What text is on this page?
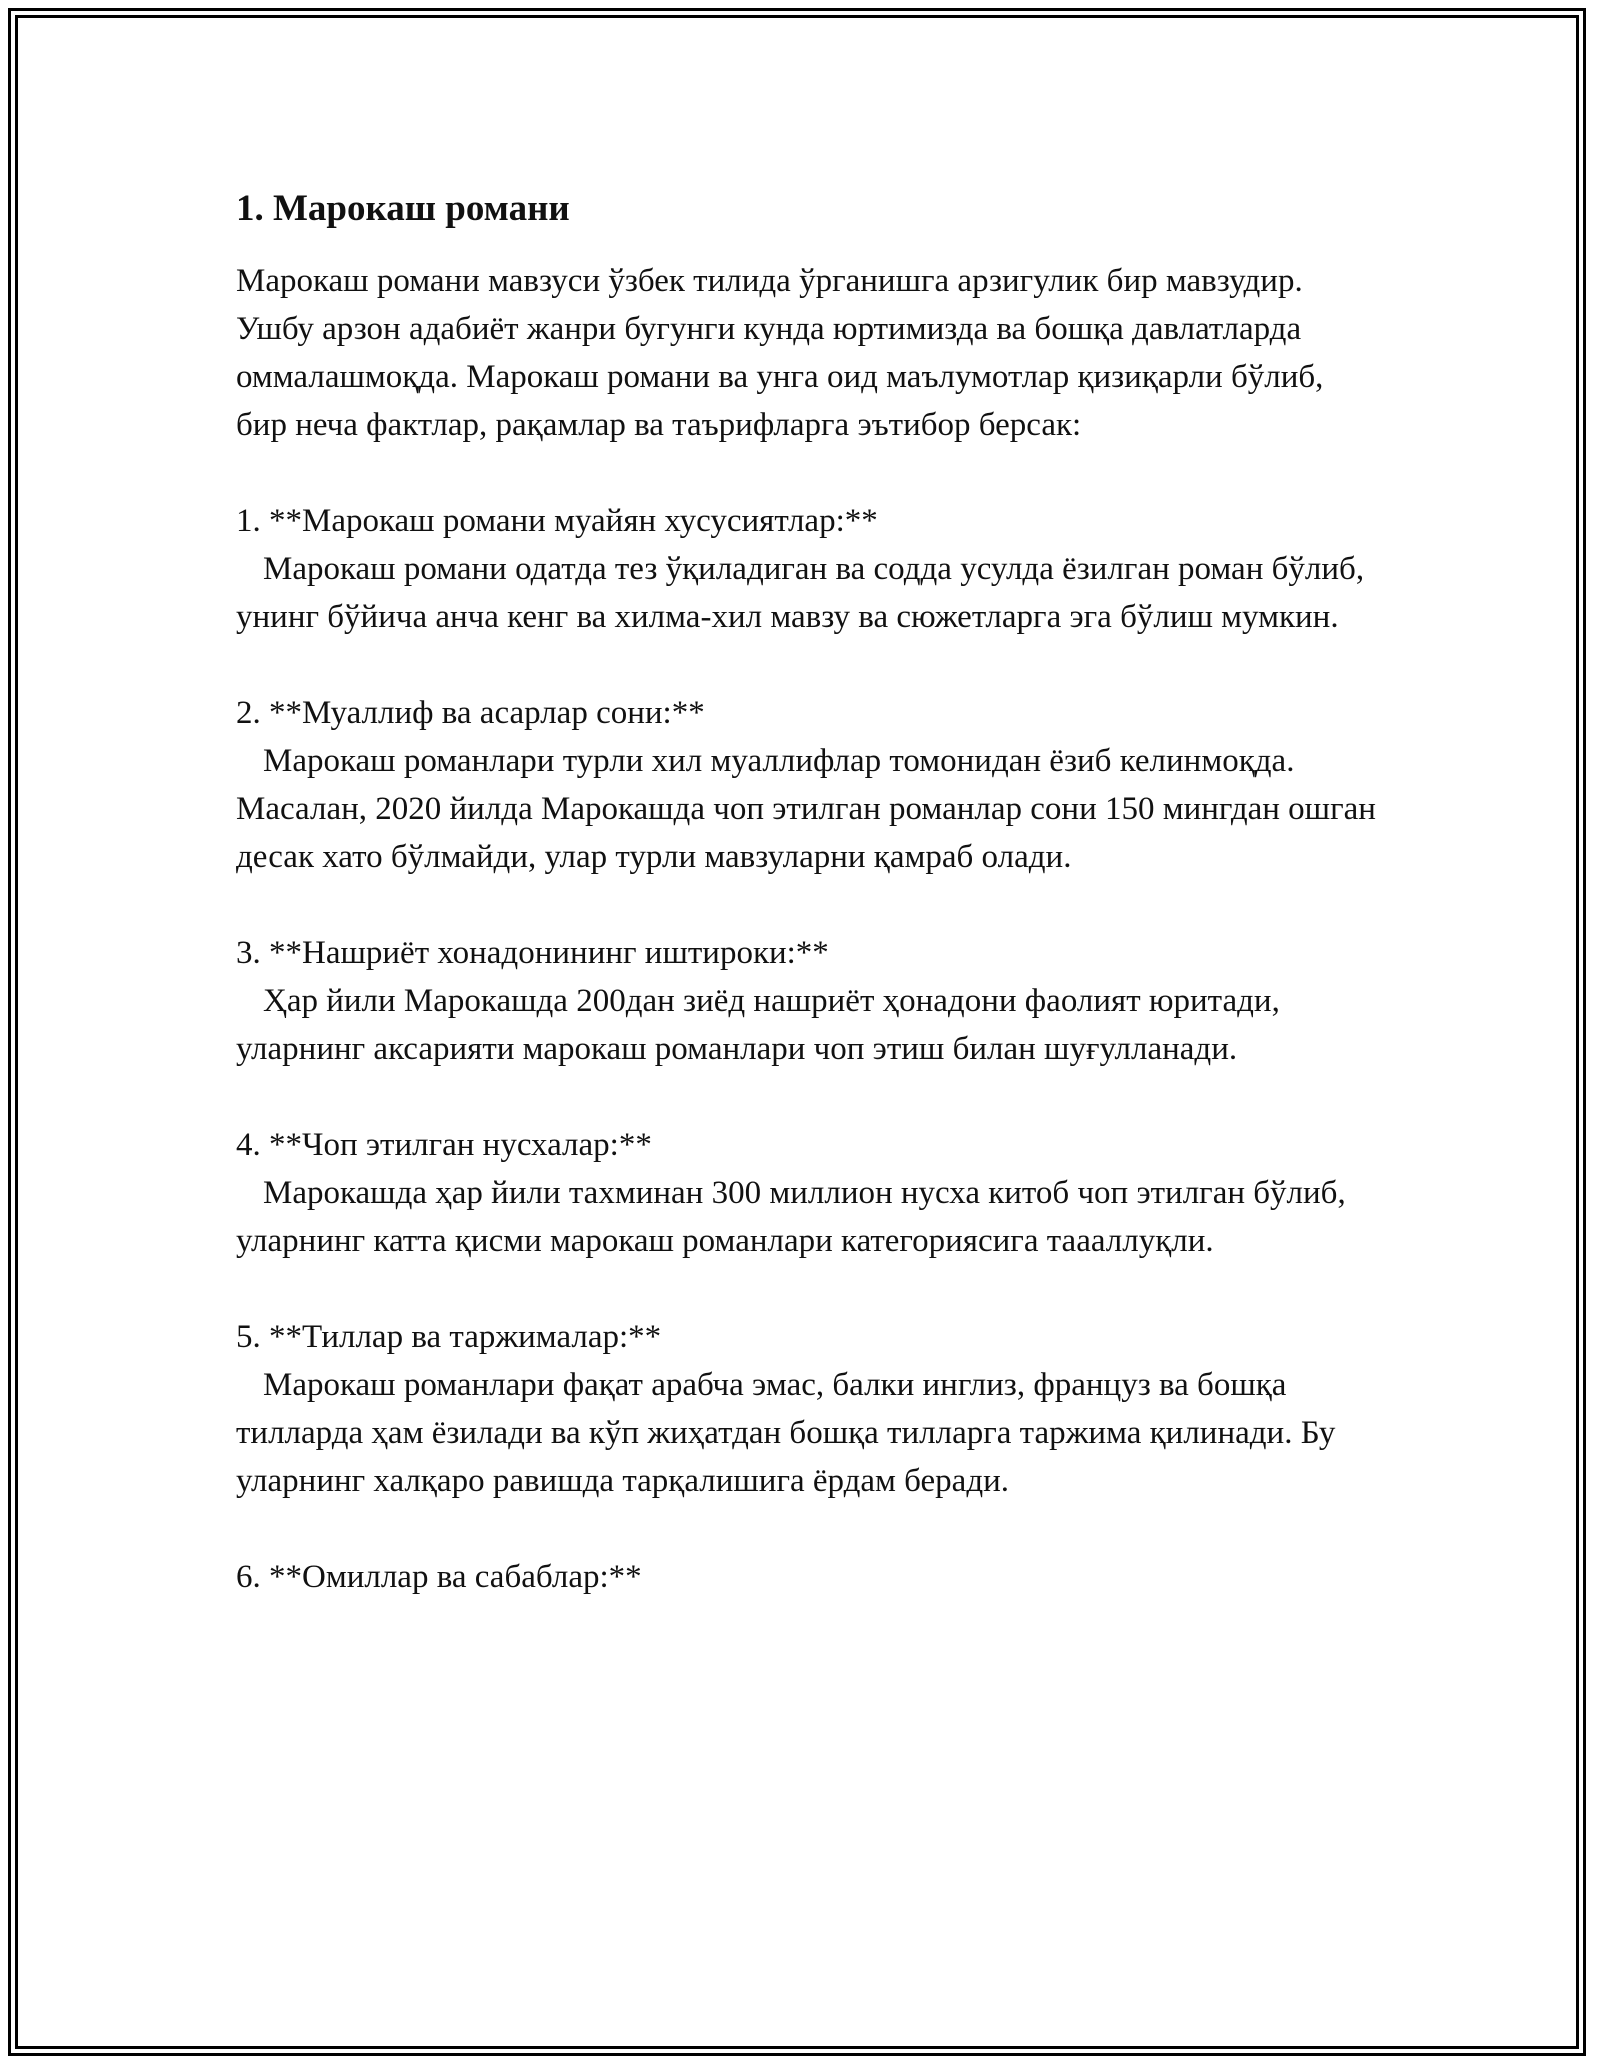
1. Марокаш романи

Марокаш романи мавзуси ўзбек тилида ўрганишга арзигулик бир мавзудир. Ушбу арзон адабиёт жанри бугунги кунда юртимизда ва бошқа давлатларда оммалашмоқда. Марокаш романи ва унга оид маълумотлар қизиқарли бўлиб, бир неча фактлар, рақамлар ва таърифларга эътибор берсак:

1. **Марокаш романи муайян хусусиятлар:**

Марокаш романи одатда тез ўқиладиган ва содда усулда ёзилган роман бўлиб, унинг бўйича анча кенг ва хилма-хил мавзу ва сюжетларга эга бўлиш мумкин.

2. **Муаллиф ва асарлар сони:**

Марокаш романлари турли хил муаллифлар томонидан ёзиб келинмоқда. Масалан, 2020 йилда Марокашда чоп этилган романлар сони 150 мингдан ошган десак хато бўлмайди, улар турли мавзуларни қамраб олади.

3. **Нашриёт хонадонининг иштироки:**

Ҳар йили Марокашда 200дан зиёд нашриёт ҳонадони фаолият юритади, уларнинг аксарияти марокаш романлари чоп этиш билан шуғулланади.

4. **Чоп этилган нусхалар:**

Марокашда ҳар йили тахминан 300 миллион нусха китоб чоп этилган бўлиб, уларнинг катта қисми марокаш романлари категориясига таааллуқли.

5. **Тиллар ва таржималар:**

Марокаш романлари фақат арабча эмас, балки инглиз, француз ва бошқа тилларда ҳам ёзилади ва кўп жиҳатдан бошқа тилларга таржима қилинади. Бу уларнинг халқаро равишда тарқалишига ёрдам беради.

6. **Омиллар ва сабаблар:**
